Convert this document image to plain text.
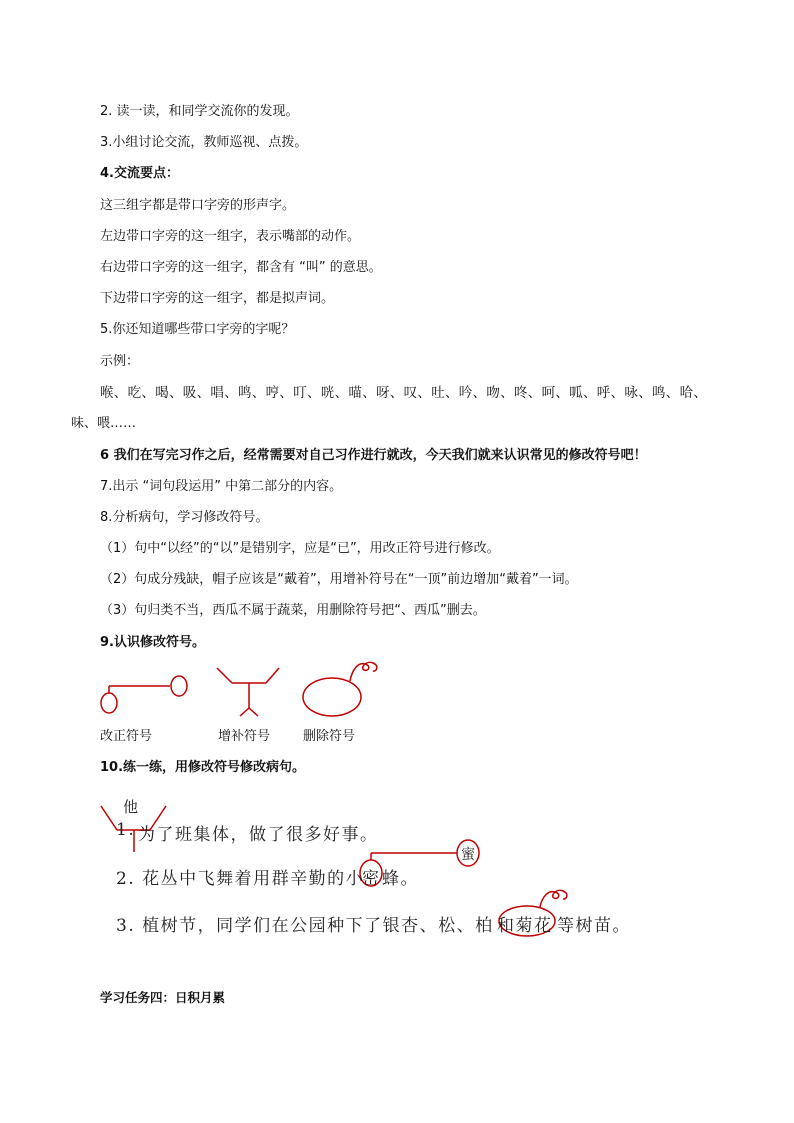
2. 读一读，和同学交流你的发现。
3.小组讨论交流，教师巡视、点拨。
4.交流要点：
这三组字都是带口字旁的形声字。
左边带口字旁的这一组字，表示嘴部的动作。
右边带口字旁的这一组字，都含有 “叫” 的意思。
下边带口字旁的这一组字，都是拟声词。
5.你还知道哪些带口字旁的字呢？
示例：
喉、吃、喝、吸、唱、鸣、哼、叮、咣、喵、呀、叹、吐、吟、吻、咚、呵、呱、呼、咏、鸣、哈、
味、喂……
6 我们在写完习作之后，经常需要对自己习作进行就改，今天我们就来认识常见的修改符号吧！
7.出示 “词句段运用” 中第二部分的内容。
8.分析病句，学习修改符号。
（1）句中“以经”的“以”是错别字，应是“已”，用改正符号进行修改。
（2）句成分残缺，帽子应该是“戴着”，用增补符号在“一顶”前边增加“戴着”一词。
（3）句归类不当，西瓜不属于蔬菜，用删除符号把“、西瓜”删去。
9.认识修改符号。
改正符号	增补符号	删除符号
10.练一练，用修改符号修改病句。
他
1. 为了班集体，做了很多好事。
蜜
2. 花丛中飞舞着用群辛勤的小
密 蜂。
3. 植树节，同学们在公园种下了银杏、松、柏 和菊花 等树苗。
学习任务四：日积月累
